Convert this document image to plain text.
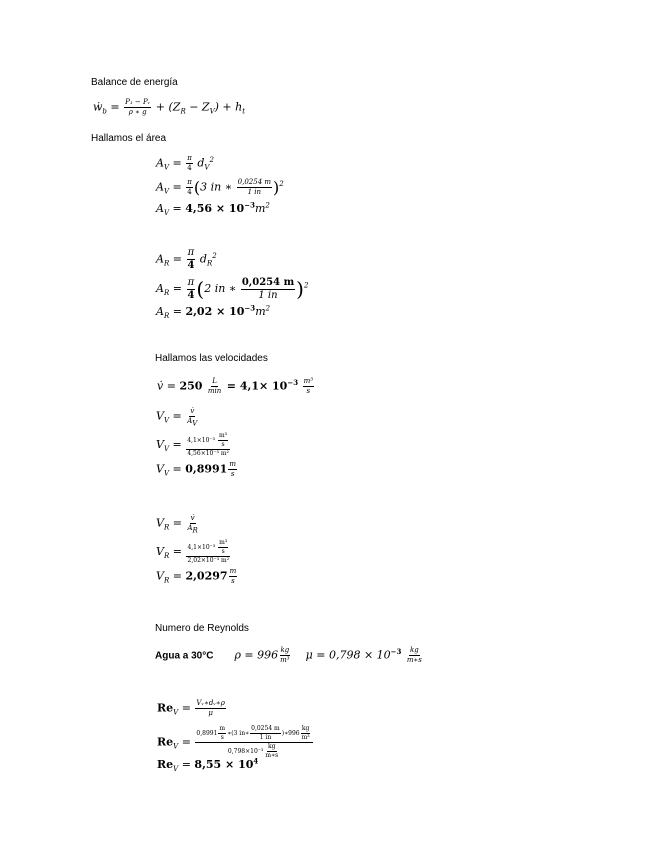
Balance de energía
Hallamos el área
Hallamos las velocidades
Numero de Reynolds
ẇ$_b$ = $\frac{\text{P₁ − Pᵥ}}{\rho ∗ g} + (Z_R - Z_V) + h_t$
$A_V = \frac{\pi}{4} d_V^2$
$A_V = \frac{\pi}{4} (3$ in ∗ $\frac{0,0254 m}{1 in} )^2$
$A_V = 4,56 \times 10^{-3}m^2$
$A_R = \frac{\pi}{4} d_R^2$
$A_R = \frac{\pi}{4} (2$ in ∗ $\frac{0,0254 m}{1 in} )^2$
$A_R = 2,02 \times 10^{-3}m^2$
v̇ = $250 \frac{L}{\min} = 4,1\times 10^{-3} \frac{\text{m³}}{s}$
$V_V = \frac{v̇}{A_V}$
$V_V = \frac{4,1\times 10^{-3} \frac{\text{m³}}{s}}{\text{4,56×10⁻³ m²}}$
$V_V = 0,8991 \frac{m}{s}$
$V_R = \frac{v̇}{A_R}$
$V_R = \frac{4,1\times 10^{-3} \frac{\text{m³}}{s}}{\text{2,02×10⁻³ m²}}$
$V_R = 2,0297 \frac{m}{s}$
Agua a 30°C $\rho = 996 \frac{kg}{\text{m³}}$ $\mu = 0,798 \times 10^{-3} \frac{kg}{m∗s}$
$Re_V = \frac{\text{Vᵥ∗dᵥ∗ρ}}{\mu}$
$Re_V = \frac{0,8991 \frac{m}{s} ∗(3 in∗ \frac{0,0254 m}{1 in} )∗996 \frac{kg}{\text{m³}}}{0,798\times 10^{-3} \frac{kg}{m∗s}}$
$Re_V = 8,55 \times 10^4$
